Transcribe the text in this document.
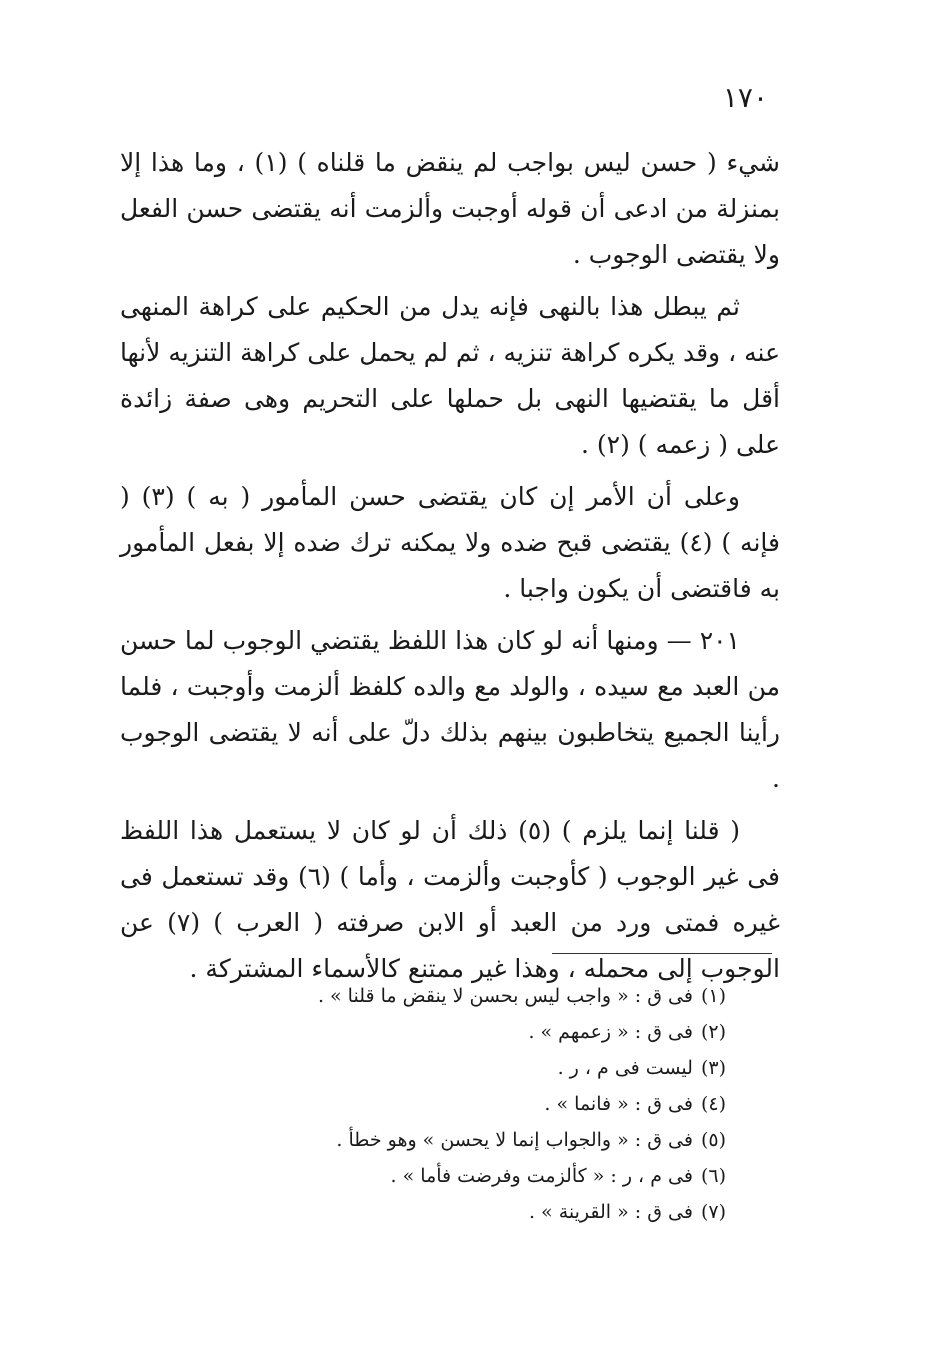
١٧٠

شيء ( حسن ليس بواجب لم ينقض ما قلناه ) (١) ، وما هذا إلا بمنزلة من ادعى أن قوله أوجبت وألزمت أنه يقتضى حسن الفعل ولا يقتضى الوجوب .

ثم يبطل هذا بالنهى فإنه يدل من الحكيم على كراهة المنهى عنه ، وقد يكره كراهة تنزيه ، ثم لم يحمل على كراهة التنزيه لأنها أقل ما يقتضيها النهى بل حملها على التحريم وهى صفة زائدة على ( زعمه ) (٢) .

وعلى أن الأمر إن كان يقتضى حسن المأمور ( به ) (٣) ( فإنه ) (٤) يقتضى قبح ضده ولا يمكنه ترك ضده إلا بفعل المأمور به فاقتضى أن يكون واجبا .

٢٠١ — ومنها أنه لو كان هذا اللفظ يقتضي الوجوب لما حسن من العبد مع سيده ، والولد مع والده كلفظ ألزمت وأوجبت ، فلما رأينا الجميع يتخاطبون بينهم بذلك دلّ على أنه لا يقتضى الوجوب .

( قلنا إنما يلزم ) (٥) ذلك أن لو كان لا يستعمل هذا اللفظ فى غير الوجوب ( كأوجبت وألزمت ، وأما ) (٦) وقد تستعمل فى غيره فمتى ورد من العبد أو الابن صرفته ( العرب ) (٧) عن الوجوب إلى محمله ، وهذا غير ممتنع كالأسماء المشتركة .

(١)فى ق : « واجب ليس بحسن لا ينقض ما قلنا » .
(٢)فى ق : « زعمهم » .
(٣)ليست فى م ، ر .
(٤)فى ق : « فانما » .
(٥)فى ق : « والجواب إنما لا يحسن » وهو خطأ .
(٦)فى م ، ر : « كألزمت وفرضت فأما » .
(٧)فى ق : « القرينة » .
